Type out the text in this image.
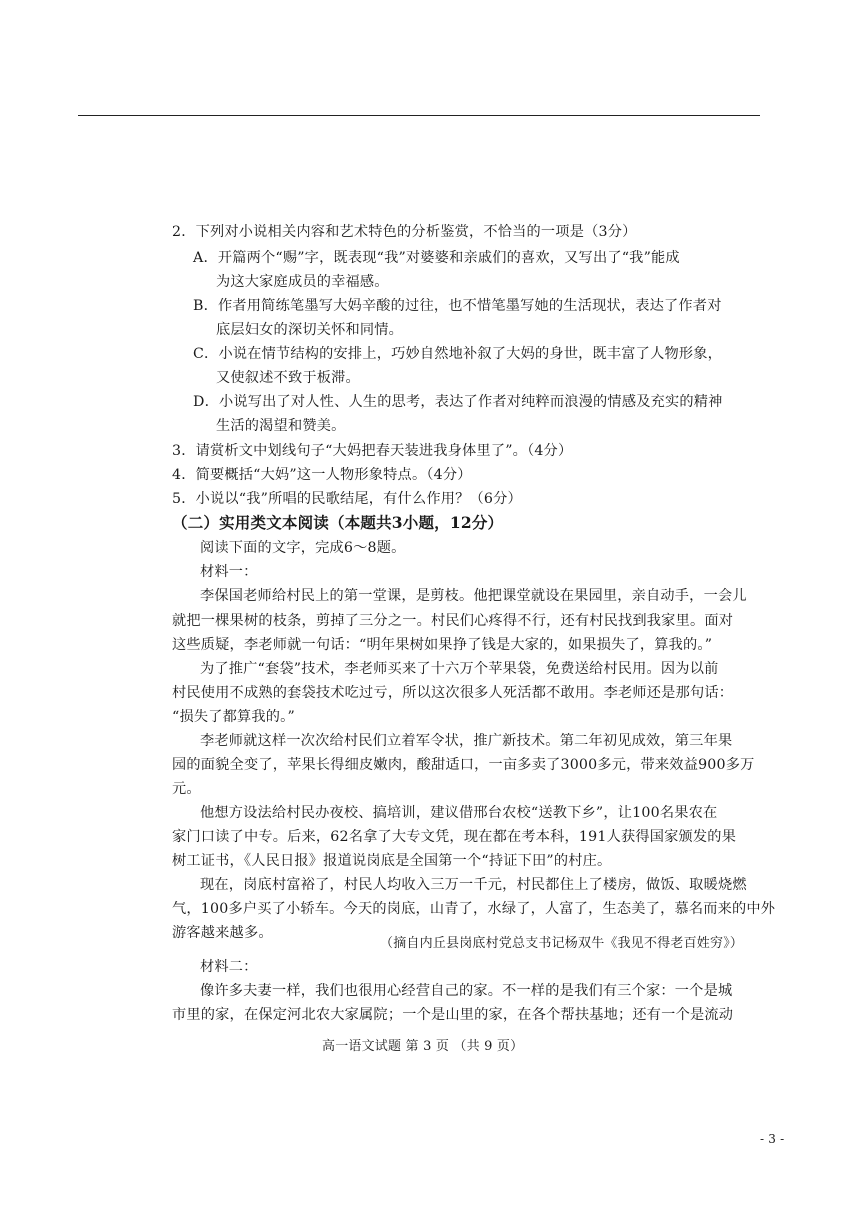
2．下列对小说相关内容和艺术特色的分析鉴赏，不恰当的一项是（3分）
A．开篇两个“赐”字，既表现“我”对婆婆和亲戚们的喜欢，又写出了“我”能成
为这大家庭成员的幸福感。
B．作者用简练笔墨写大妈辛酸的过往，也不惜笔墨写她的生活现状，表达了作者对
底层妇女的深切关怀和同情。
C．小说在情节结构的安排上，巧妙自然地补叙了大妈的身世，既丰富了人物形象，
又使叙述不致于板滞。
D．小说写出了对人性、人生的思考，表达了作者对纯粹而浪漫的情感及充实的精神
生活的渴望和赞美。
3．请赏析文中划线句子“大妈把春天装进我身体里了”。（4分）
4．简要概括“大妈”这一人物形象特点。（4分）
5．小说以“我”所唱的民歌结尾，有什么作用？（6分）
（二）实用类文本阅读（本题共3小题，12分）
阅读下面的文字，完成6～8题。
材料一：
李保国老师给村民上的第一堂课，是剪枝。他把课堂就设在果园里，亲自动手，一会儿
就把一棵果树的枝条，剪掉了三分之一。村民们心疼得不行，还有村民找到我家里。面对
这些质疑，李老师就一句话：“明年果树如果挣了钱是大家的，如果损失了，算我的。”
为了推广“套袋”技术，李老师买来了十六万个苹果袋，免费送给村民用。因为以前
村民使用不成熟的套袋技术吃过亏，所以这次很多人死活都不敢用。李老师还是那句话：
“损失了都算我的。”
李老师就这样一次次给村民们立着军令状，推广新技术。第二年初见成效，第三年果
园的面貌全变了，苹果长得细皮嫩肉，酸甜适口，一亩多卖了3000多元，带来效益900多万
元。
他想方设法给村民办夜校、搞培训，建议借邢台农校“送教下乡”，让100名果农在
家门口读了中专。后来，62名拿了大专文凭，现在都在考本科，191人获得国家颁发的果
树工证书，《人民日报》报道说岗底是全国第一个“持证下田”的村庄。
现在，岗底村富裕了，村民人均收入三万一千元，村民都住上了楼房，做饭、取暖烧燃
气，100多户买了小轿车。今天的岗底，山青了，水绿了，人富了，生态美了，慕名而来的中外
游客越来越多。
（摘自内丘县岗底村党总支书记杨双牛《我见不得老百姓穷》）
材料二：
像许多夫妻一样，我们也很用心经营自己的家。不一样的是我们有三个家：一个是城
市里的家，在保定河北农大家属院；一个是山里的家，在各个帮扶基地；还有一个是流动
高一语文试题 第 3 页 （共 9 页）
- 3 -
